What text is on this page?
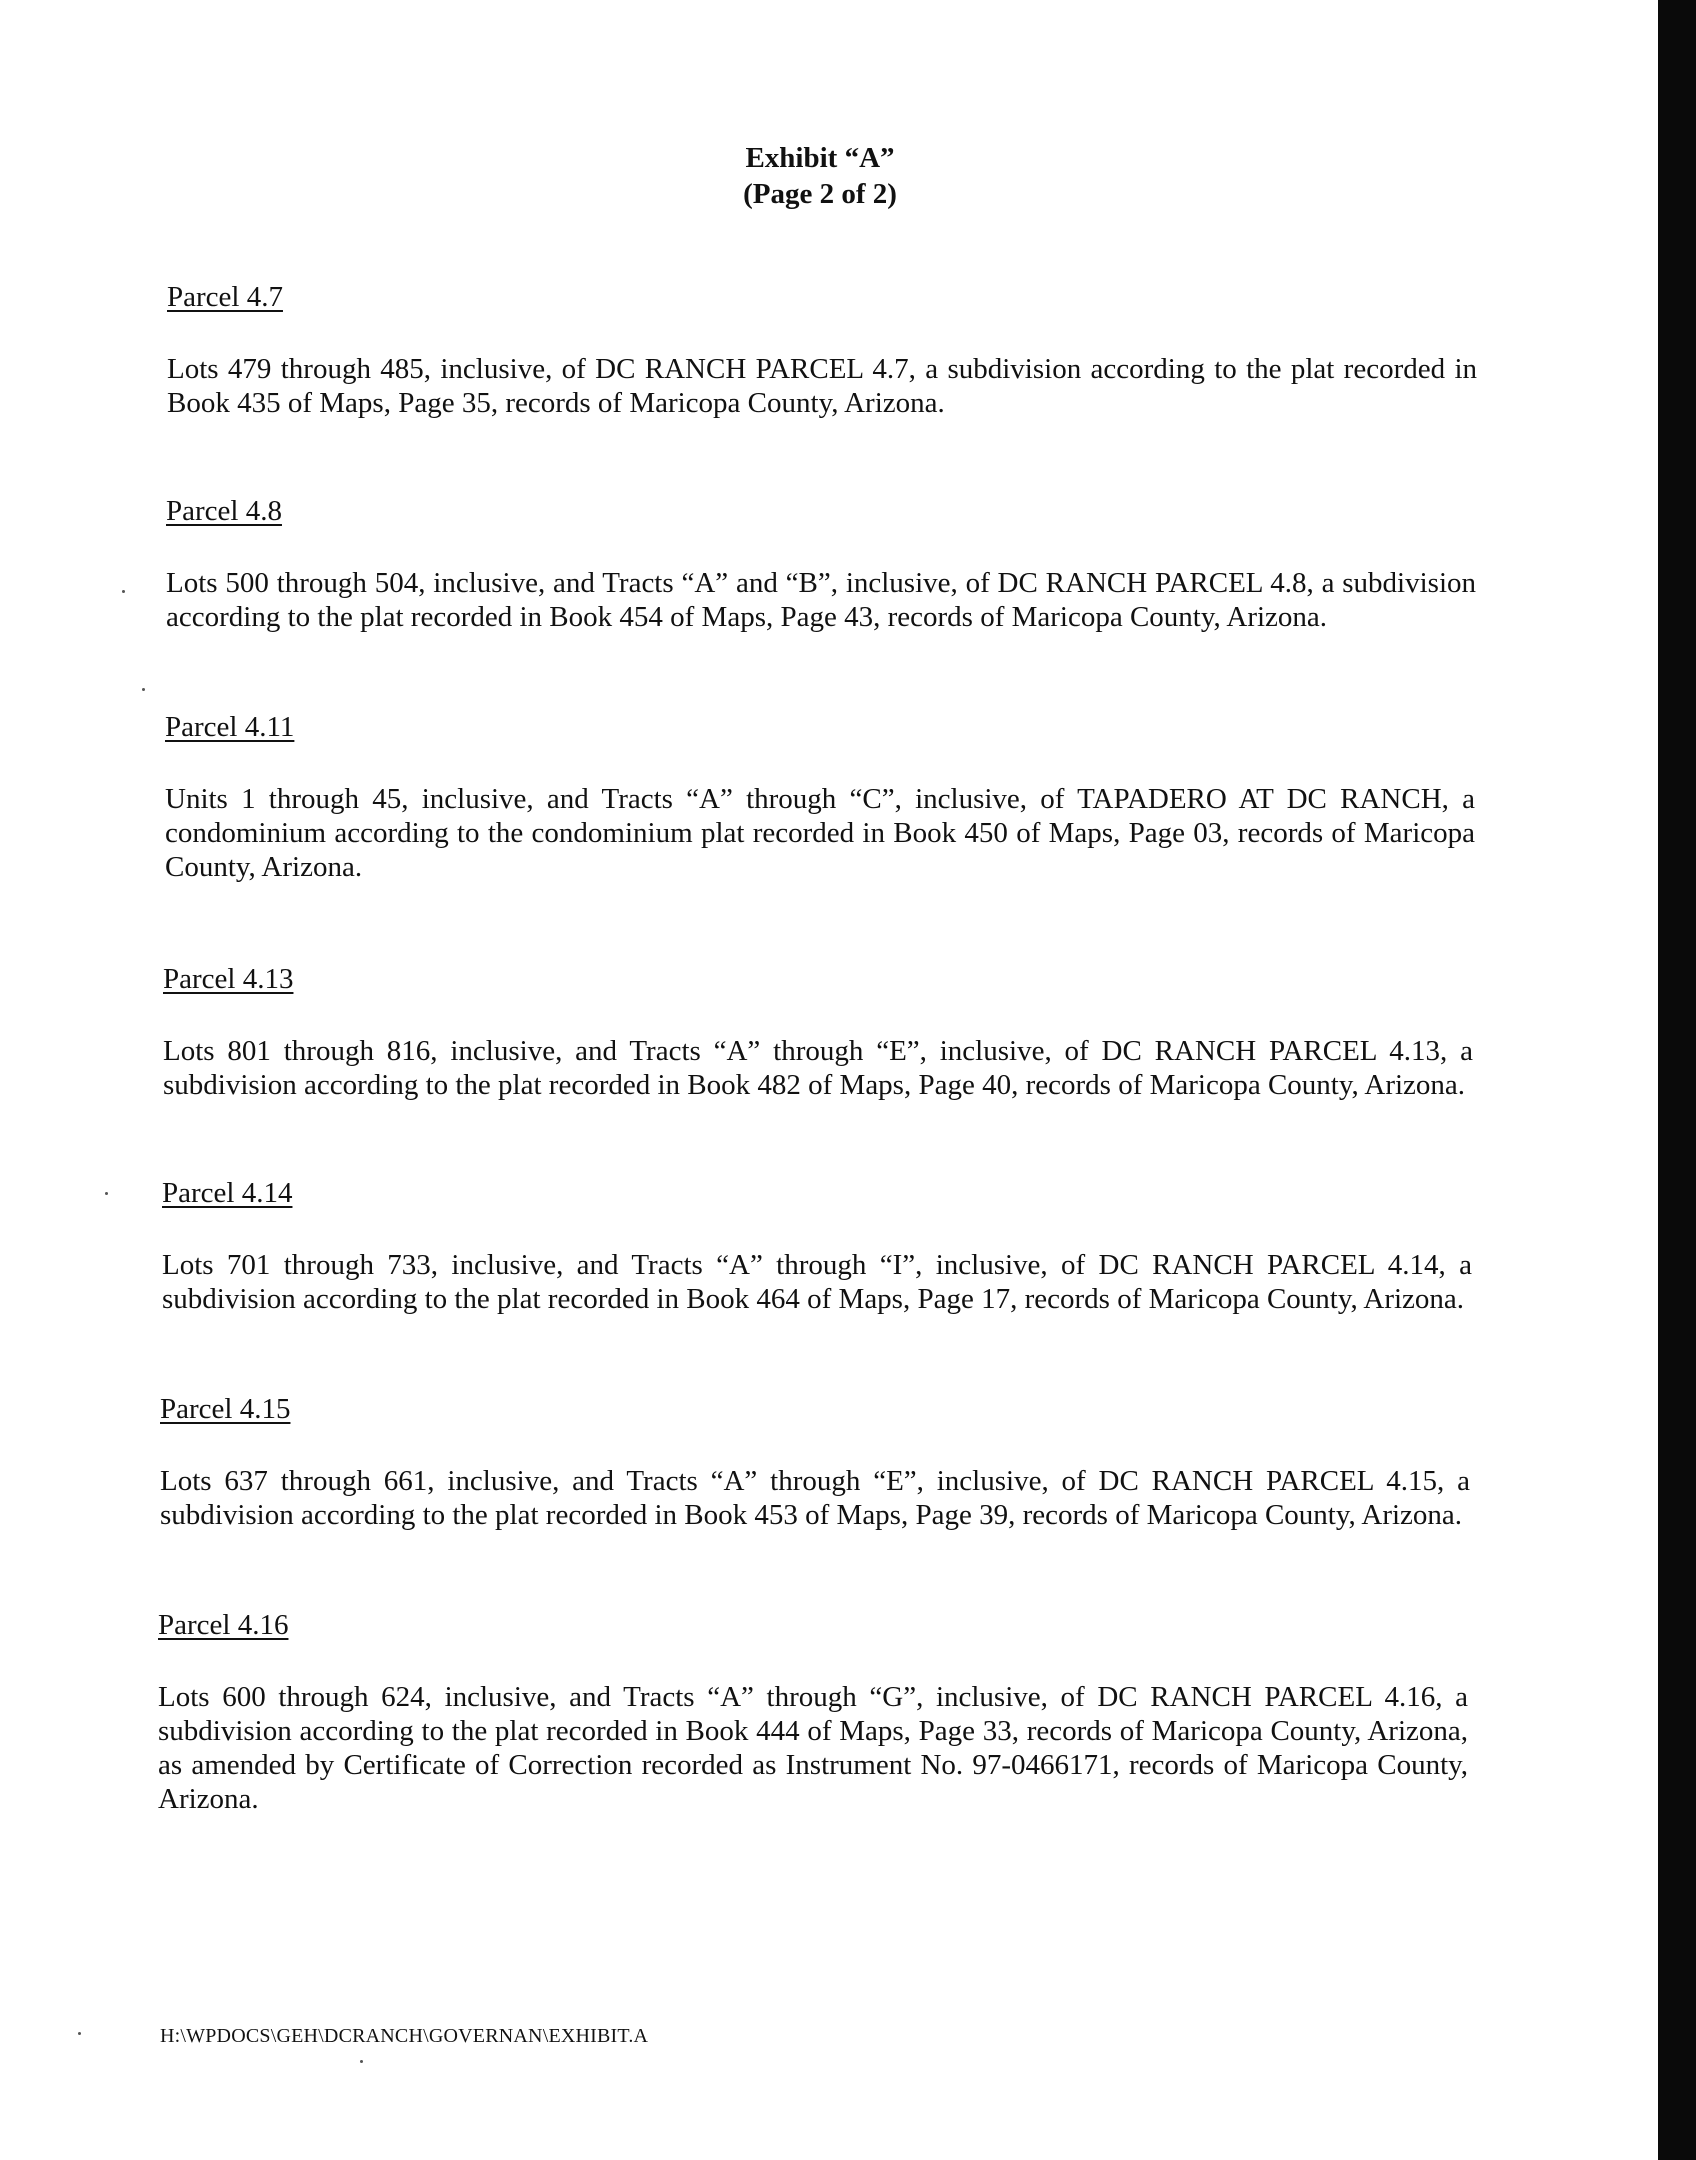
Exhibit “A”
(Page 2 of 2)
Parcel 4.7
Lots 479 through 485, inclusive, of DC RANCH PARCEL 4.7, a subdivision according to the plat recorded in Book 435 of Maps, Page 35, records of Maricopa County, Arizona.
Parcel 4.8
Lots 500 through 504, inclusive, and Tracts “A” and “B”, inclusive, of DC RANCH PARCEL 4.8, a subdivision according to the plat recorded in Book 454 of Maps, Page 43, records of Maricopa County, Arizona.
Parcel 4.11
Units 1 through 45, inclusive, and Tracts “A” through “C”, inclusive, of TAPADERO AT DC RANCH, a condominium according to the condominium plat recorded in Book 450 of Maps, Page 03, records of Maricopa County, Arizona.
Parcel 4.13
Lots 801 through 816, inclusive, and Tracts “A” through “E”, inclusive, of DC RANCH PARCEL 4.13, a subdivision according to the plat recorded in Book 482 of Maps, Page 40, records of Maricopa County, Arizona.
Parcel 4.14
Lots 701 through 733, inclusive, and Tracts “A” through “I”, inclusive, of DC RANCH PARCEL 4.14, a subdivision according to the plat recorded in Book 464 of Maps, Page 17, records of Maricopa County, Arizona.
Parcel 4.15
Lots 637 through 661, inclusive, and Tracts “A” through “E”, inclusive, of DC RANCH PARCEL 4.15, a subdivision according to the plat recorded in Book 453 of Maps, Page 39, records of Maricopa County, Arizona.
Parcel 4.16
Lots 600 through 624, inclusive, and Tracts “A” through “G”, inclusive, of DC RANCH PARCEL 4.16, a subdivision according to the plat recorded in Book 444 of Maps, Page 33, records of Maricopa County, Arizona, as amended by Certificate of Correction recorded as Instrument No. 97-0466171, records of Maricopa County, Arizona.
H:\WPDOCS\GEH\DCRANCH\GOVERNAN\EXHIBIT.A
